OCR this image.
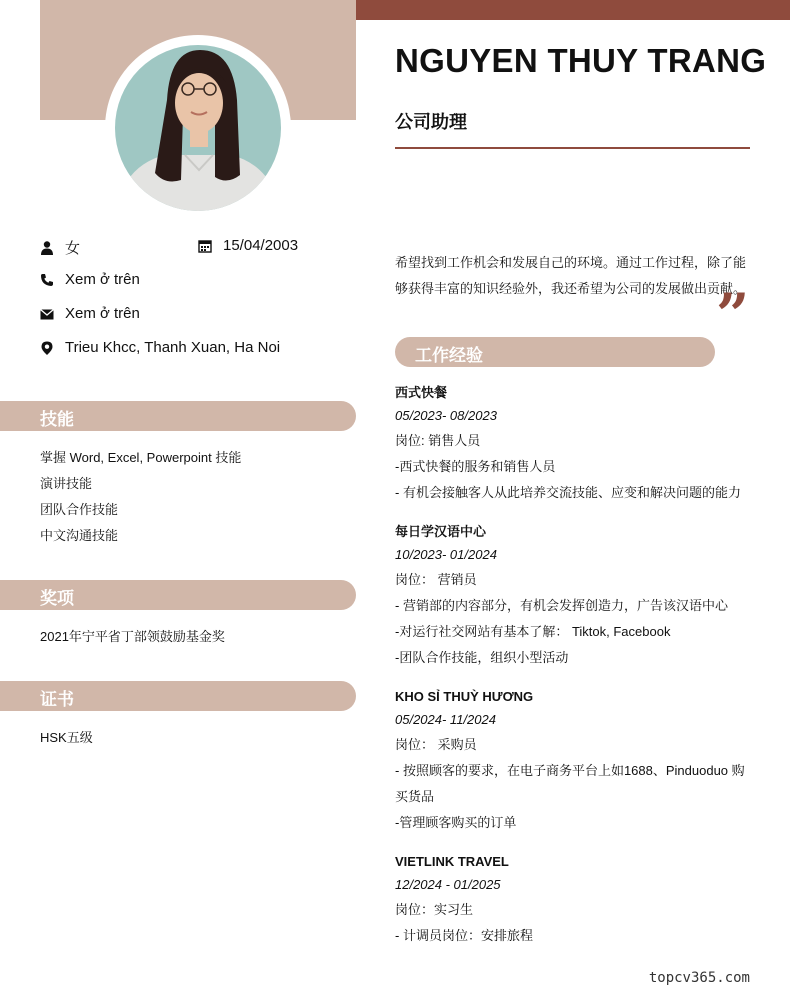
女	15/04/2003
Xem ở trên
Xem ở trên
Trieu Khcc, Thanh Xuan, Ha Noi
技能
掌握 Word, Excel, Powerpoint 技能
演讲技能
团队合作技能
中文沟通技能
奖项
2021年宁平省丁部领鼓励基金奖
证书
HSK五级
NGUYEN THUY TRANG
公司助理
希望找到工作机会和发展自己的环境。通过工作过程，除了能够获得丰富的知识经验外，我还希望为公司的发展做出贡献。
”
工作经验
西式快餐
05/2023- 08/2023
岗位: 销售人员
-西式快餐的服务和销售人员
- 有机会接触客人从此培养交流技能、应变和解决问题的能力
每日学汉语中心
10/2023- 01/2024
岗位： 营销员
- 营销部的内容部分，有机会发挥创造力，广告该汉语中心
-对运行社交网站有基本了解： Tiktok, Facebook
-团队合作技能，组织小型活动
KHO SỈ THUỲ HƯƠNG
05/2024- 11/2024
岗位： 采购员
- 按照顾客的要求，在电子商务平台上如1688、Pinduoduo 购买货品
-管理顾客购买的订单
VIETLINK TRAVEL
12/2024 - 01/2025
岗位：实习生
- 计调员岗位：安排旅程
topcv365.com
